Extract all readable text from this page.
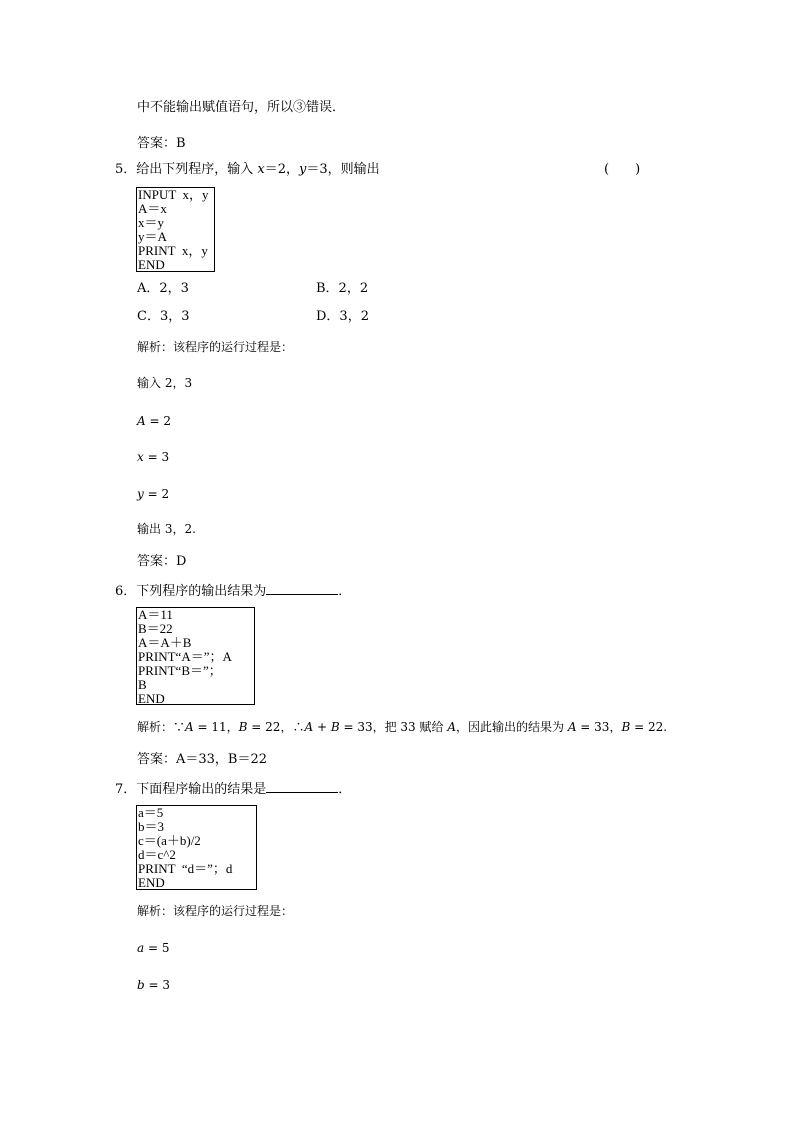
中不能输出赋值语句，所以③错误．
答案：B
5．给出下列程序，输入 x＝2，y＝3，则输出	(　　)
INPUT  x，y
A＝x
x＝y
y＝A
PRINT  x，y
END
A．2，3	B．2，2
C．3，3	D．3，2
解析：该程序的运行过程是：
输入 2，3
A = 2
x = 3
y = 2
输出 3，2.
答案：D
6．下列程序的输出结果为	．
A＝11
B＝22
A＝A＋B
PRINT“A＝”；A
PRINT“B＝”；
B
END
解析：∵A = 11，B = 22，∴A + B = 33，把 33 赋给 A，因此输出的结果为 A = 33，B = 22.
答案：A＝33，B＝22
7．下面程序输出的结果是	．
a＝5
b＝3
c＝(a＋b)/2
d＝c^2
PRINT  “d＝”；d
END
解析：该程序的运行过程是：
a = 5
b = 3
